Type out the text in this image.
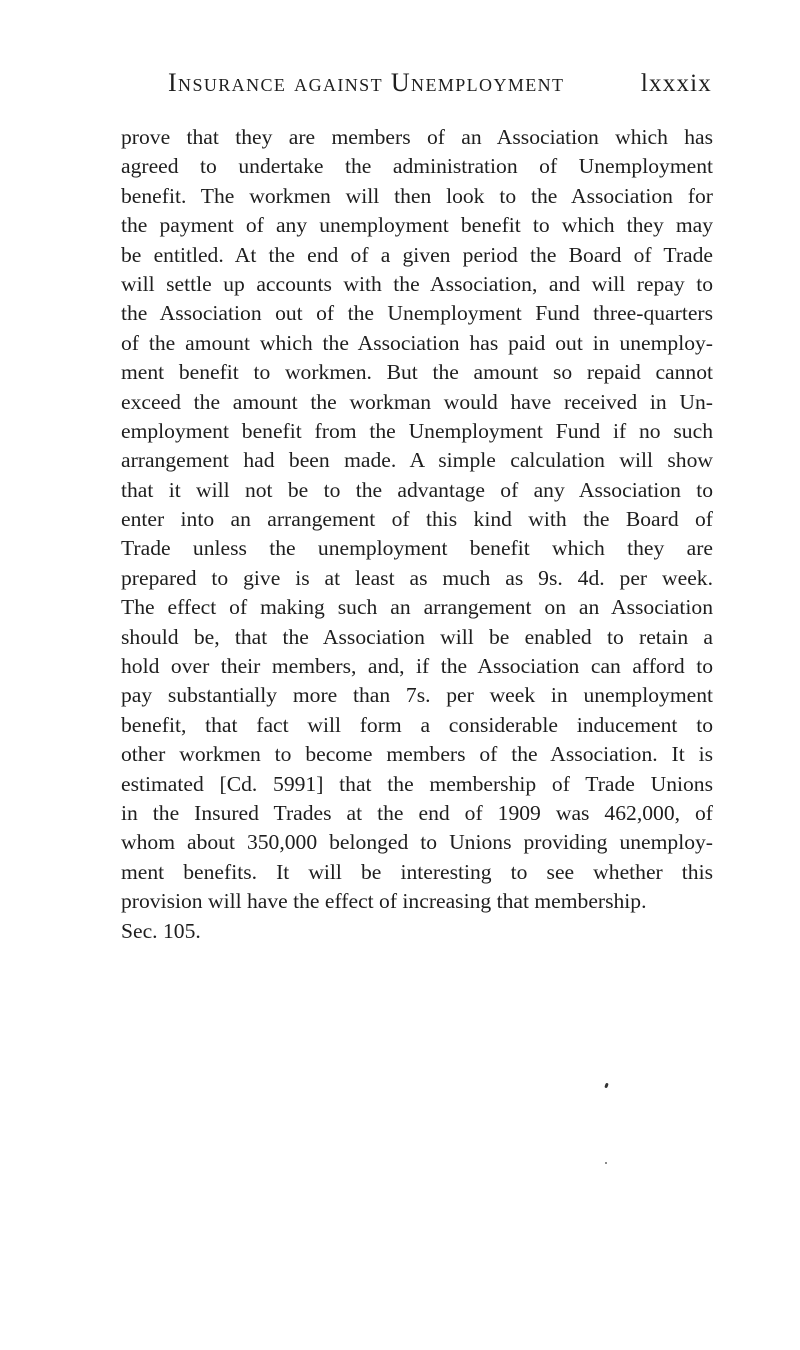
Insurance against Unemployment	lxxxix
prove that they are members of an Association which has
agreed to undertake the administration of Unemployment
benefit. The workmen will then look to the Association for
the payment of any unemployment benefit to which they may
be entitled. At the end of a given period the Board of Trade
will settle up accounts with the Association, and will repay to
the Association out of the Unemployment Fund three-quarters
of the amount which the Association has paid out in unemploy-
ment benefit to workmen. But the amount so repaid cannot
exceed the amount the workman would have received in Un-
employment benefit from the Unemployment Fund if no such
arrangement had been made. A simple calculation will show
that it will not be to the advantage of any Association to
enter into an arrangement of this kind with the Board of
Trade unless the unemployment benefit which they are
prepared to give is at least as much as 9s. 4d. per week.
The effect of making such an arrangement on an Association
should be, that the Association will be enabled to retain a
hold over their members, and, if the Association can afford to
pay substantially more than 7s. per week in unemployment
benefit, that fact will form a considerable inducement to
other workmen to become members of the Association. It is
estimated [Cd. 5991] that the membership of Trade Unions
in the Insured Trades at the end of 1909 was 462,000, of
whom about 350,000 belonged to Unions providing unemploy-
ment benefits. It will be interesting to see whether this
provision will have the effect of increasing that membership.
Sec. 105.
